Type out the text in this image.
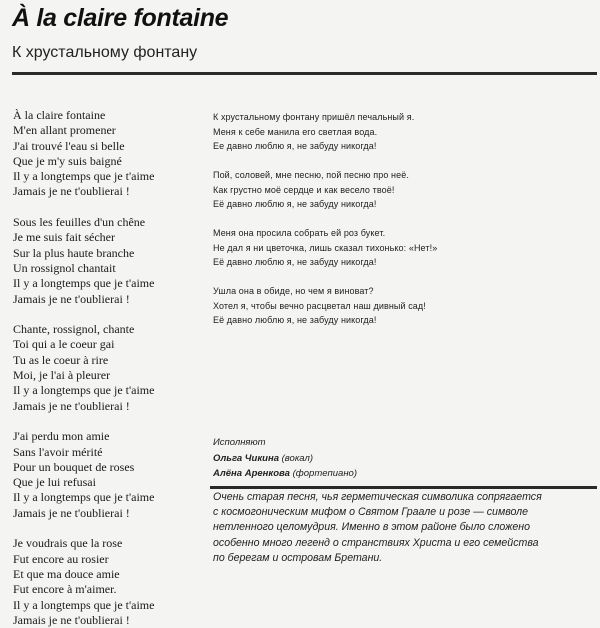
À la claire fontaine
К хрустальному фонтану
À la claire fontaine
M'en allant promener
J'ai trouvé l'eau si belle
Que je m'y suis baigné
Il y a longtemps que je t'aime
Jamais je ne t'oublierai !
Sous les feuilles d'un chêne
Je me suis fait sécher
Sur la plus haute branche
Un rossignol chantait
Il y a longtemps que je t'aime
Jamais je ne t'oublierai !
Chante, rossignol, chante
Toi qui a le coeur gai
Tu as le coeur à rire
Moi, je l'ai à pleurer
Il y a longtemps que je t'aime
Jamais je ne t'oublierai !
J'ai perdu mon amie
Sans l'avoir mérité
Pour un bouquet de roses
Que je lui refusai
Il y a longtemps que je t'aime
Jamais je ne t'oublierai !
Je voudrais que la rose
Fut encore au rosier
Et que ma douce amie
Fut encore à m'aimer.
Il y a longtemps que je t'aime
Jamais je ne t'oublierai !
К хрустальному фонтану пришёл печальный я.
Меня к себе манила его светлая вода.
Ее давно люблю я, не забуду никогда!
Пой, соловей, мне песню, пой песню про неё.
Как грустно моё сердце и как весело твоё!
Её давно люблю я, не забуду никогда!
Меня она просила собрать ей роз букет.
Не дал я ни цветочка, лишь сказал тихонько: «Нет!»
Её давно люблю я, не забуду никогда!
Ушла она в обиде, но чем я виноват?
Хотел я, чтобы вечно расцветал наш дивный сад!
Её давно люблю я, не забуду никогда!
Исполняют
Ольга Чикина (вокал)
Алёна Аренкова (фортепиано)
Очень старая песня, чья герметическая символика сопрягается
с космогоническим мифом о Святом Граале и розе — символе
нетленного целомудрия. Именно в этом районе было сложено
особенно много легенд о странствиях Христа и его семейства
по берегам и островам Бретани.
